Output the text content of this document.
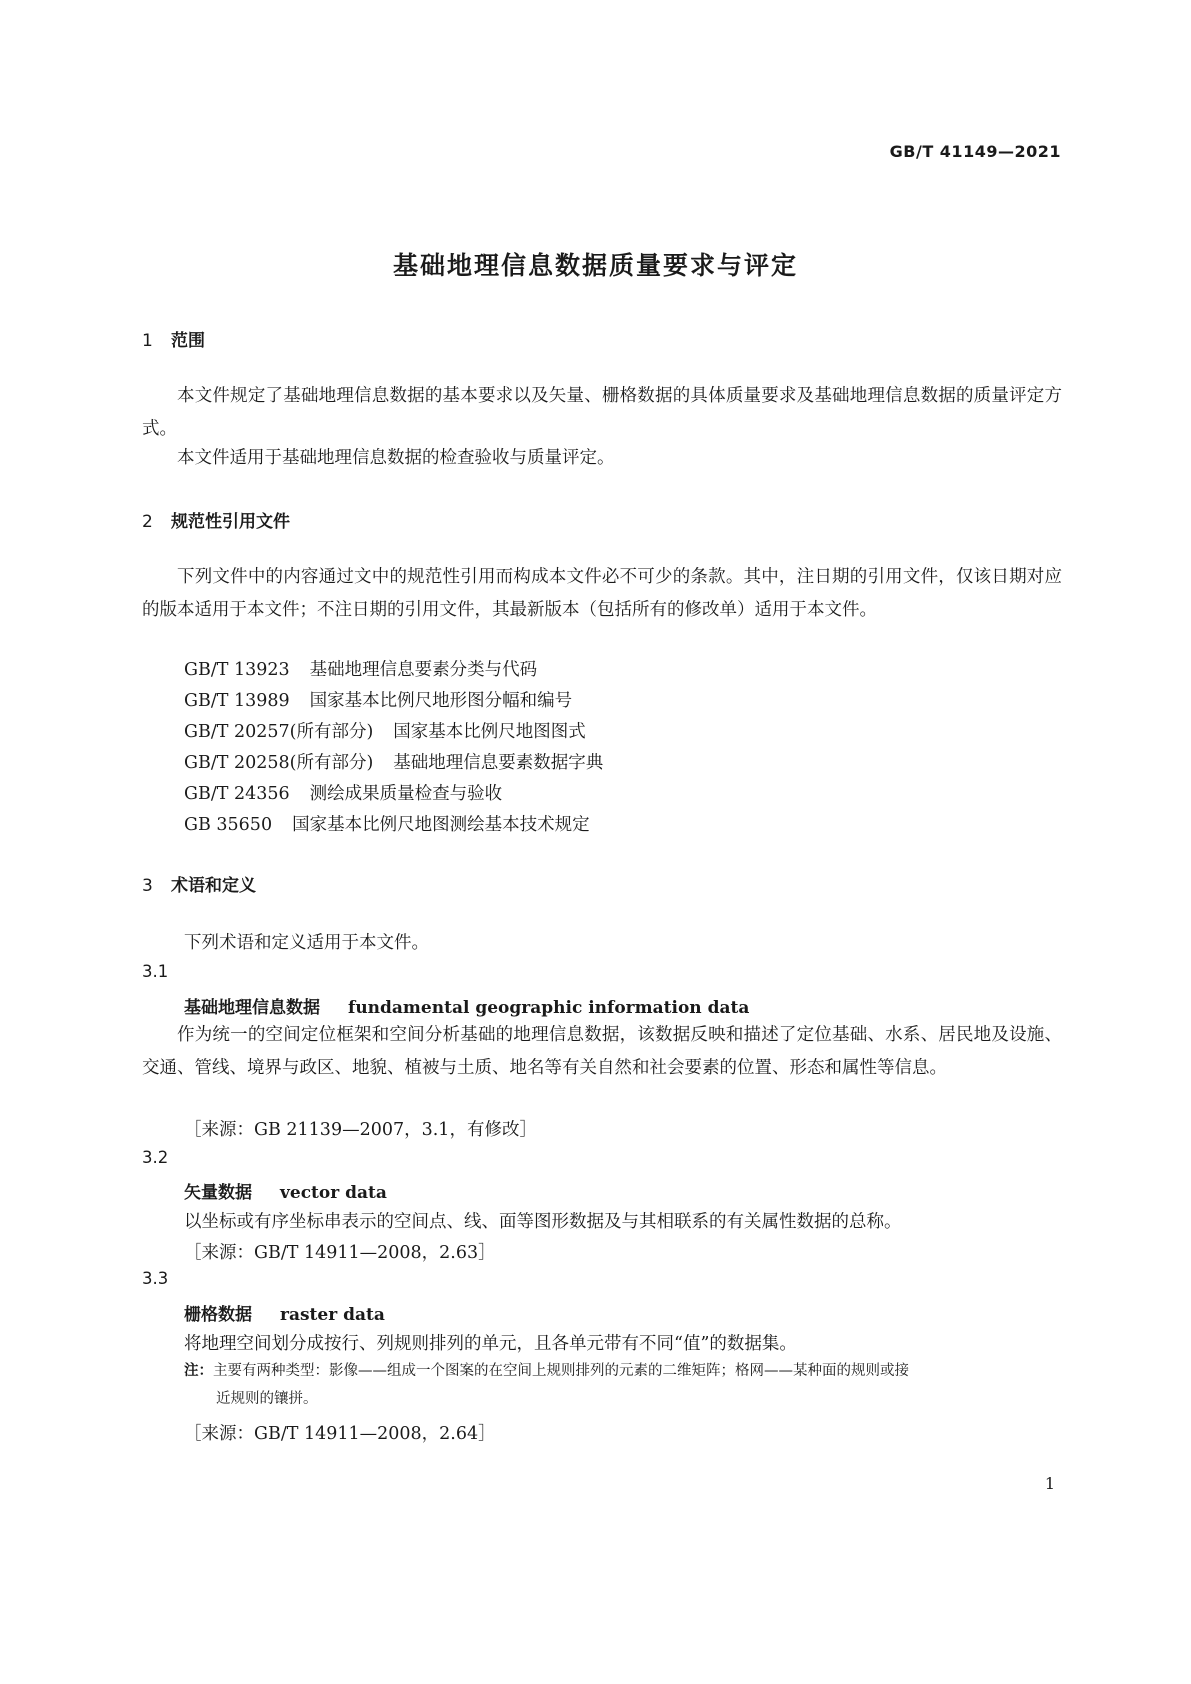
GB/T 41149—2021
基础地理信息数据质量要求与评定
1 范围
本文件规定了基础地理信息数据的基本要求以及矢量、栅格数据的具体质量要求及基础地理信息数据的质量评定方式。
本文件适用于基础地理信息数据的检查验收与质量评定。
2 规范性引用文件
下列文件中的内容通过文中的规范性引用而构成本文件必不可少的条款。其中，注日期的引用文件，仅该日期对应的版本适用于本文件；不注日期的引用文件，其最新版本（包括所有的修改单）适用于本文件。
GB/T 13923 基础地理信息要素分类与代码
GB/T 13989 国家基本比例尺地形图分幅和编号
GB/T 20257(所有部分) 国家基本比例尺地图图式
GB/T 20258(所有部分) 基础地理信息要素数据字典
GB/T 24356 测绘成果质量检查与验收
GB 35650 国家基本比例尺地图测绘基本技术规定
3 术语和定义
下列术语和定义适用于本文件。
3.1
基础地理信息数据 fundamental geographic information data
作为统一的空间定位框架和空间分析基础的地理信息数据，该数据反映和描述了定位基础、水系、居民地及设施、交通、管线、境界与政区、地貌、植被与土质、地名等有关自然和社会要素的位置、形态和属性等信息。
［来源：GB 21139—2007，3.1，有修改］
3.2
矢量数据 vector data
以坐标或有序坐标串表示的空间点、线、面等图形数据及与其相联系的有关属性数据的总称。
［来源：GB/T 14911—2008，2.63］
3.3
栅格数据 raster data
将地理空间划分成按行、列规则排列的单元，且各单元带有不同“值”的数据集。
注：主要有两种类型：影像——组成一个图案的在空间上规则排列的元素的二维矩阵；格网——某种面的规则或接
近规则的镶拼。
［来源：GB/T 14911—2008，2.64］
1
